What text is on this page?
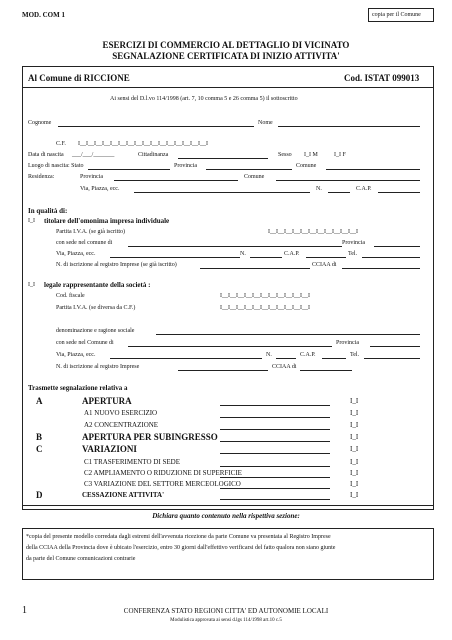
MOD. COM 1	copia per il Comune
ESERCIZI DI COMMERCIO AL DETTAGLIO DI VICINATO
SEGNALAZIONE CERTIFICATA DI INIZIO ATTIVITA'
Al Comune di RICCIONE	Cod. ISTAT 099013
Ai sensi del D.l.vo 114/1998 (art. 7, 10 comma 5 e 26 comma 5) il sottoscritto
Cognome	Nome
C.F. I__I__I__I__I__I__I__I__I__I__I__I__I__I__I__I__I
Data di nascita ___/___/_______	Cittadinanza	Sesso I_I M	I_I F
Luogo di nascita: Stato	Provincia	Comune
Residenza:	Provincia	Comune
Via, Piazza, ecc.	N.	C.A.P.
In qualità di:
I_I titolare dell'omonima impresa individuale
Partita I.V.A. (se già iscritto)	I__I__I__I__I__I__I__I__I__I__I__I
con sede nel comune di	Provincia
Via, Piazza, ecc.	N.	C.A.P.	Tel.
N. di iscrizione al registro Imprese (se già iscritto)	CCIAA di
I_I legale rappresentante della società :
Cod. fiscale	I__I__I__I__I__I__I__I__I__I__I__I
Partita I.V.A. (se diversa da C.F.)	I__I__I__I__I__I__I__I__I__I__I__I
denominazione e ragione sociale
con sede nel Comune di	Provincia
Via, Piazza, ecc.	N.	C.A.P.	Tel.
N. di iscrizione al registro Imprese	CCIAA di
Trasmette segnalazione relativa a
A	APERTURA	I_I
A1 NUOVO ESERCIZIO	I_I
A2 CONCENTRAZIONE	I_I
B	APERTURA PER SUBINGRESSO	I_I
C	VARIAZIONI	I_I
C1 TRASFERIMENTO DI SEDE	I_I
C2 AMPLIAMENTO O RIDUZIONE DI SUPERFICIE	I_I
C3 VARIAZIONE DEL SETTORE MERCEOLOGICO	I_I
D	CESSAZIONE ATTIVITA'	I_I
Dichiara quanto contenuto nella rispettiva sezione:
*copia del presente modello corredata dagli estremi dell'avvenuta ricezione da parte Comune va presentata al Registro Imprese
della CCIAA della Provincia dove è ubicato l'esercizio, entro 30 giorni dall'effettivo verificarsi del fatto qualora non siano giunte
da parte del Comune comunicazioni contrarie
1	CONFERENZA STATO REGIONI CITTA' ED AUTONOMIE LOCALI
Modulistica approvata ai sensi d.lgs 114/1998 art.10 c.5
